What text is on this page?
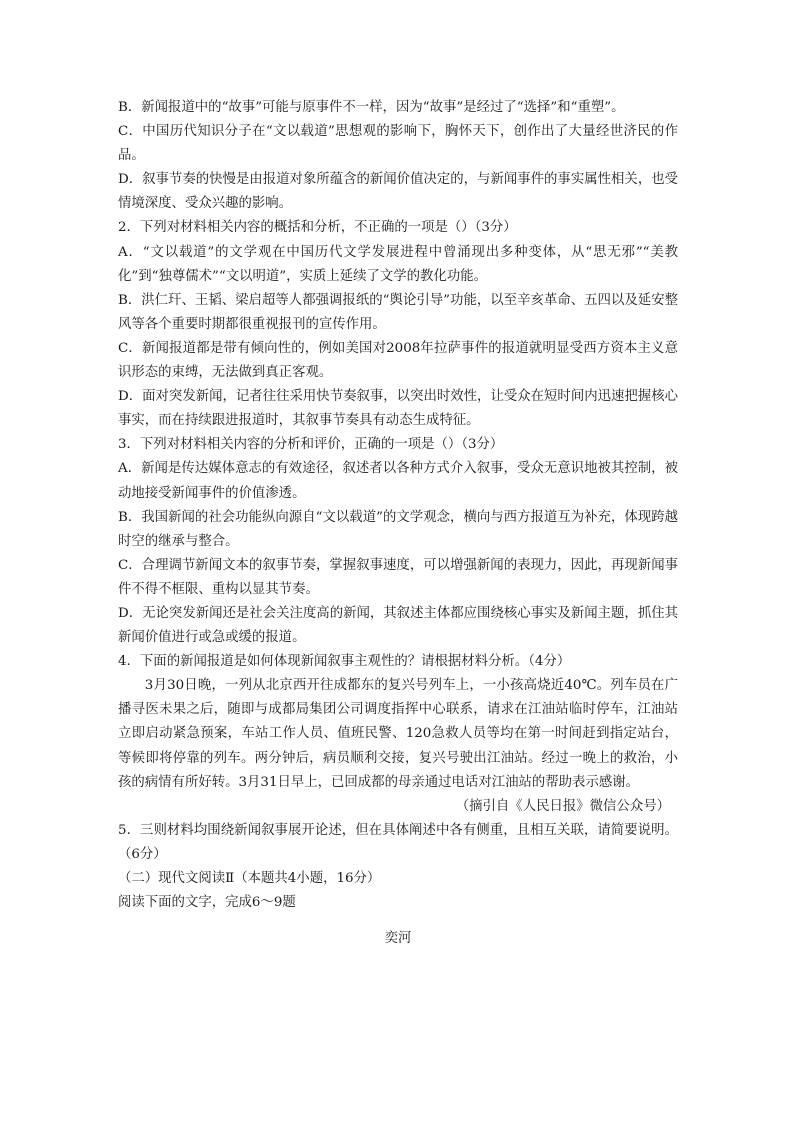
B．新闻报道中的“故事”可能与原事件不一样，因为“故事”是经过了“选择”和“重塑”。

C．中国历代知识分子在“文以载道”思想观的影响下，胸怀天下，创作出了大量经世济民的作品。

D．叙事节奏的快慢是由报道对象所蕴含的新闻价值决定的，与新闻事件的事实属性相关，也受情境深度、受众兴趣的影响。

2．下列对材料相关内容的概括和分析，不正确的一项是（）（3分）

A．“文以载道”的文学观在中国历代文学发展进程中曾涌现出多种变体，从“思无邪”“美教化”到“独尊儒术”“文以明道”，实质上延续了文学的教化功能。

B．洪仁玕、王韬、梁启超等人都强调报纸的“舆论引导”功能，以至辛亥革命、五四以及延安整风等各个重要时期都很重视报刊的宣传作用。

C．新闻报道都是带有倾向性的，例如美国对2008年拉萨事件的报道就明显受西方资本主义意识形态的束缚，无法做到真正客观。

D．面对突发新闻，记者往往采用快节奏叙事，以突出时效性，让受众在短时间内迅速把握核心事实，而在持续跟进报道时，其叙事节奏具有动态生成特征。

3．下列对材料相关内容的分析和评价，正确的一项是（）（3分）

A．新闻是传达媒体意志的有效途径，叙述者以各种方式介入叙事，受众无意识地被其控制，被动地接受新闻事件的价值渗透。

B．我国新闻的社会功能纵向源自“文以载道”的文学观念，横向与西方报道互为补充，体现跨越时空的继承与整合。

C．合理调节新闻文本的叙事节奏，掌握叙事速度，可以增强新闻的表现力，因此，再现新闻事件不得不框限、重构以显其节奏。

D．无论突发新闻还是社会关注度高的新闻，其叙述主体都应围绕核心事实及新闻主题，抓住其新闻价值进行或急或缓的报道。

4．下面的新闻报道是如何体现新闻叙事主观性的？请根据材料分析。（4分）

3月30日晚，一列从北京西开往成都东的复兴号列车上，一小孩高烧近40℃。列车员在广播寻医未果之后，随即与成都局集团公司调度指挥中心联系，请求在江油站临时停车，江油站立即启动紧急预案，车站工作人员、值班民警、120急救人员等均在第一时间赶到指定站台，等候即将停靠的列车。两分钟后，病员顺利交接，复兴号驶出江油站。经过一晚上的救治，小孩的病情有所好转。3月31日早上，已回成都的母亲通过电话对江油站的帮助表示感谢。

（摘引自《人民日报》微信公众号）

5．三则材料均围绕新闻叙事展开论述，但在具体阐述中各有侧重，且相互关联，请简要说明。（6分）

（二）现代文阅读Ⅱ（本题共4小题，16分）

阅读下面的文字，完成6～9题

奕河
